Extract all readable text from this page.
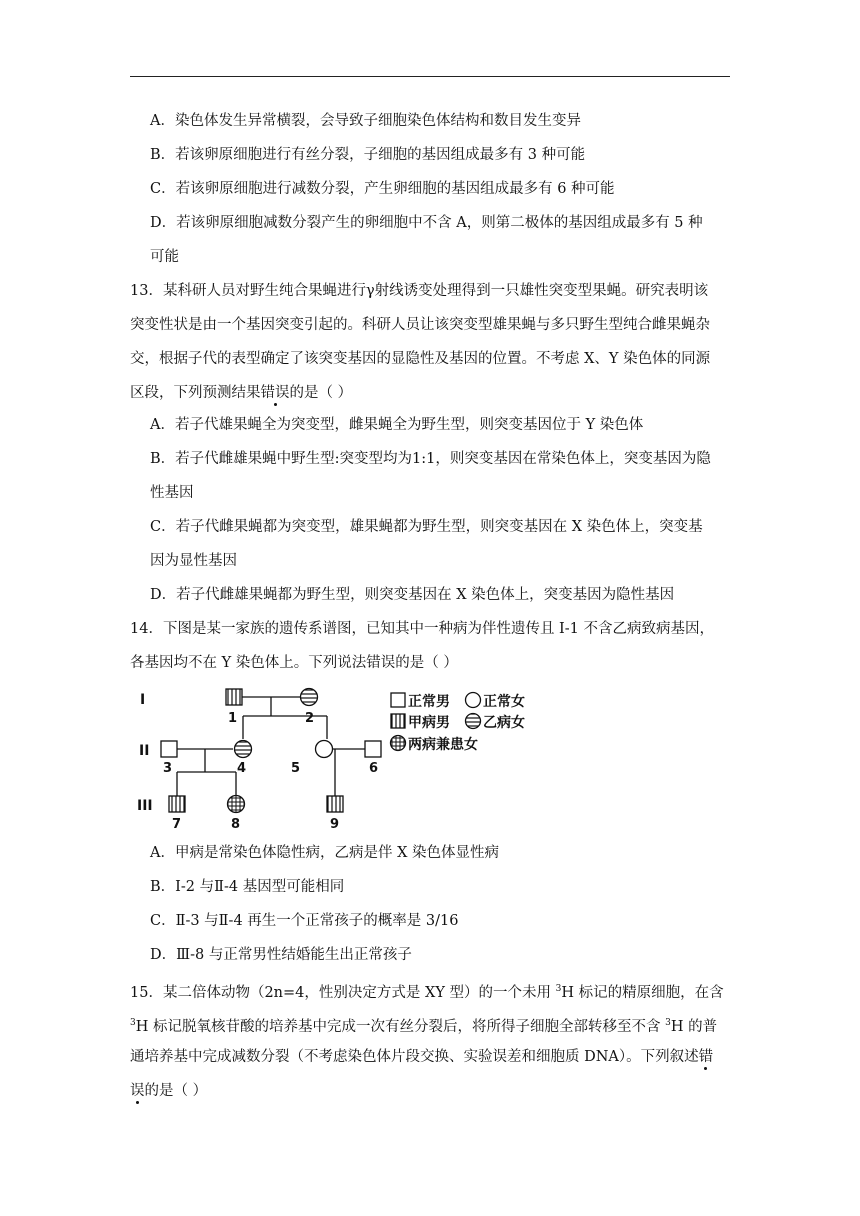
A．染色体发生异常横裂，会导致子细胞染色体结构和数目发生变异
B．若该卵原细胞进行有丝分裂，子细胞的基因组成最多有 3 种可能
C．若该卵原细胞进行减数分裂，产生卵细胞的基因组成最多有 6 种可能
D．若该卵原细胞减数分裂产生的卵细胞中不含 A，则第二极体的基因组成最多有 5 种
可能
13．某科研人员对野生纯合果蝇进行γ射线诱变处理得到一只雄性突变型果蝇。研究表明该
突变性状是由一个基因突变引起的。科研人员让该突变型雄果蝇与多只野生型纯合雌果蝇杂
交，根据子代的表型确定了该突变基因的显隐性及基因的位置。不考虑 X、Y 染色体的同源
区段，下列预测结果错误的是（ ）
A．若子代雄果蝇全为突变型，雌果蝇全为野生型，则突变基因位于 Y 染色体
B．若子代雌雄果蝇中野生型:突变型均为1:1，则突变基因在常染色体上，突变基因为隐
性基因
C．若子代雌果蝇都为突变型，雄果蝇都为野生型，则突变基因在 X 染色体上，突变基
因为显性基因
D．若子代雌雄果蝇都为野生型，则突变基因在 X 染色体上，突变基因为隐性基因
14．下图是某一家族的遗传系谱图，已知其中一种病为伴性遗传且 I-1 不含乙病致病基因，
各基因均不在 Y 染色体上。下列说法错误的是（ ）
I
II
III
1	2
3	4	5	6
7	8	9
正常男 正常女
甲病男 乙病女
两病兼患女
A．甲病是常染色体隐性病，乙病是伴 X 染色体显性病
B．I-2 与Ⅱ-4 基因型可能相同
C．Ⅱ-3 与Ⅱ-4 再生一个正常孩子的概率是 3/16
D．Ⅲ-8 与正常男性结婚能生出正常孩子
15．某二倍体动物（2n=4，性别决定方式是 XY 型）的一个未用 $^3$H 标记的精原细胞，在含
$^3$H 标记脱氧核苷酸的培养基中完成一次有丝分裂后，将所得子细胞全部转移至不含 $^3$H 的普
通培养基中完成减数分裂（不考虑染色体片段交换、实验误差和细胞质 DNA）。下列叙述错
误的是（ ）
